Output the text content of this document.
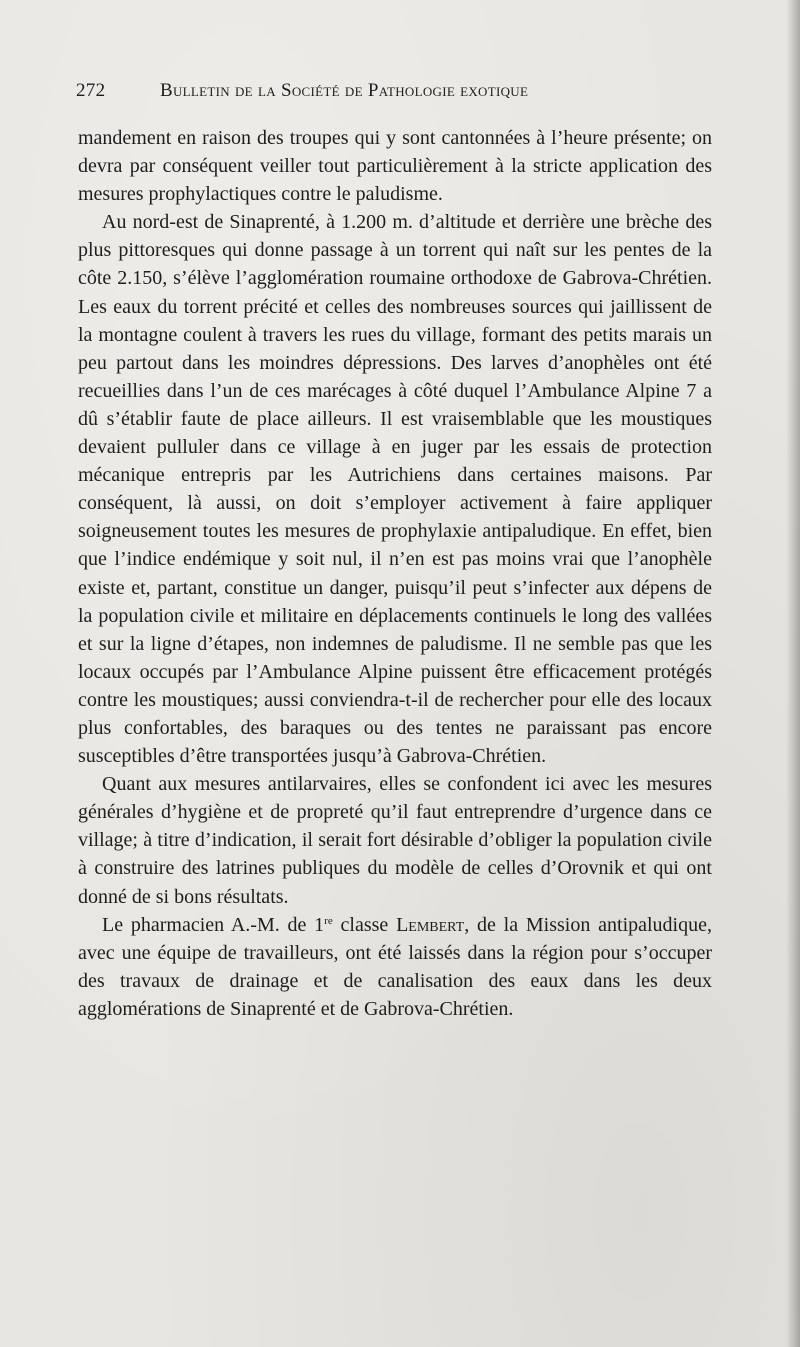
272	Bulletin de la Société de Pathologie exotique

mandement en raison des troupes qui y sont cantonnées à l’heure présente; on devra par conséquent veiller tout particulièrement à la stricte application des mesures prophylactiques contre le paludisme.

Au nord-est de Sinaprenté, à 1.200 m. d’altitude et derrière une brèche des plus pittoresques qui donne passage à un torrent qui naît sur les pentes de la côte 2.150, s’élève l’agglomération roumaine orthodoxe de Gabrova-Chrétien. Les eaux du torrent précité et celles des nombreuses sources qui jaillissent de la montagne coulent à travers les rues du village, formant des petits marais un peu partout dans les moindres dépressions. Des larves d’anophèles ont été recueillies dans l’un de ces marécages à côté duquel l’Ambulance Alpine 7 a dû s’établir faute de place ailleurs. Il est vraisemblable que les moustiques devaient pulluler dans ce village à en juger par les essais de protection mécanique entrepris par les Autrichiens dans certaines maisons. Par conséquent, là aussi, on doit s’employer activement à faire appliquer soigneusement toutes les mesures de prophylaxie antipaludique. En effet, bien que l’indice endémique y soit nul, il n’en est pas moins vrai que l’anophèle existe et, partant, constitue un danger, puisqu’il peut s’infecter aux dépens de la population civile et militaire en déplacements continuels le long des vallées et sur la ligne d’étapes, non indemnes de paludisme. Il ne semble pas que les locaux occupés par l’Ambulance Alpine puissent être efficacement protégés contre les moustiques; aussi conviendra-t-il de rechercher pour elle des locaux plus confortables, des baraques ou des tentes ne paraissant pas encore susceptibles d’être transportées jusqu’à Gabrova-Chrétien.

Quant aux mesures antilarvaires, elles se confondent ici avec les mesures générales d’hygiène et de propreté qu’il faut entreprendre d’urgence dans ce village; à titre d’indication, il serait fort désirable d’obliger la population civile à construire des latrines publiques du modèle de celles d’Orovnik et qui ont donné de si bons résultats.

Le pharmacien A.-M. de 1re classe Lembert, de la Mission antipaludique, avec une équipe de travailleurs, ont été laissés dans la région pour s’occuper des travaux de drainage et de canalisation des eaux dans les deux agglomérations de Sinaprenté et de Gabrova-Chrétien.
